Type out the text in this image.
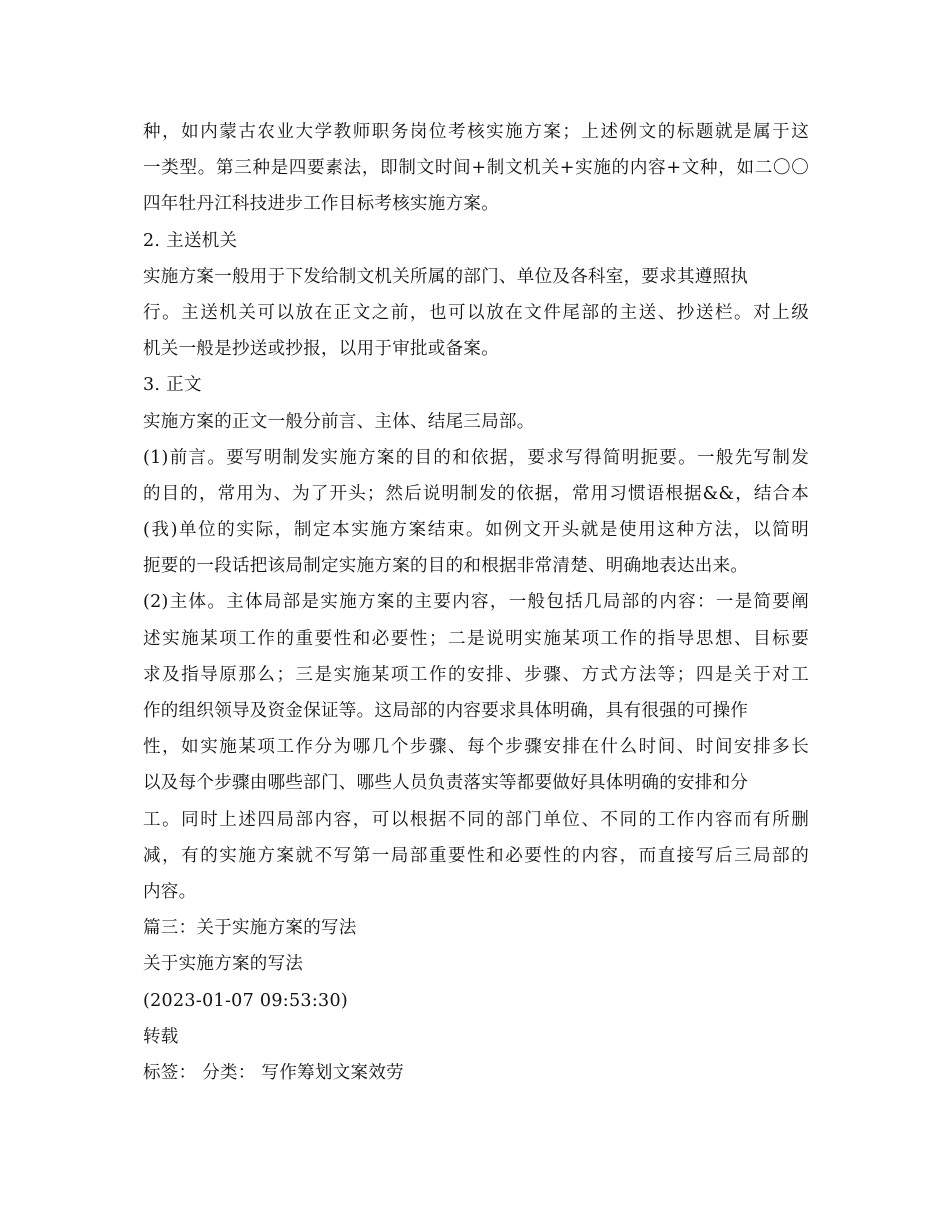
种，如内蒙古农业大学教师职务岗位考核实施方案；上述例文的标题就是属于这
一类型。第三种是四要素法，即制文时间+制文机关+实施的内容+文种，如二〇〇
四年牡丹江科技进步工作目标考核实施方案。
2. 主送机关
实施方案一般用于下发给制文机关所属的部门、单位及各科室，要求其遵照执
行。主送机关可以放在正文之前，也可以放在文件尾部的主送、抄送栏。对上级
机关一般是抄送或抄报，以用于审批或备案。
3. 正文
实施方案的正文一般分前言、主体、结尾三局部。
(1)前言。要写明制发实施方案的目的和依据，要求写得简明扼要。一般先写制发
的目的，常用为、为了开头；然后说明制发的依据，常用习惯语根据&&，结合本
(我)单位的实际，制定本实施方案结束。如例文开头就是使用这种方法，以简明
扼要的一段话把该局制定实施方案的目的和根据非常清楚、明确地表达出来。
(2)主体。主体局部是实施方案的主要内容，一般包括几局部的内容：一是简要阐
述实施某项工作的重要性和必要性；二是说明实施某项工作的指导思想、目标要
求及指导原那么；三是实施某项工作的安排、步骤、方式方法等；四是关于对工
作的组织领导及资金保证等。这局部的内容要求具体明确，具有很强的可操作
性，如实施某项工作分为哪几个步骤、每个步骤安排在什么时间、时间安排多长
以及每个步骤由哪些部门、哪些人员负责落实等都要做好具体明确的安排和分
工。同时上述四局部内容，可以根据不同的部门单位、不同的工作内容而有所删
减，有的实施方案就不写第一局部重要性和必要性的内容，而直接写后三局部的
内容。
篇三：关于实施方案的写法
关于实施方案的写法
(2023-01-07 09:53:30)
转载
标签： 分类： 写作筹划文案效劳
